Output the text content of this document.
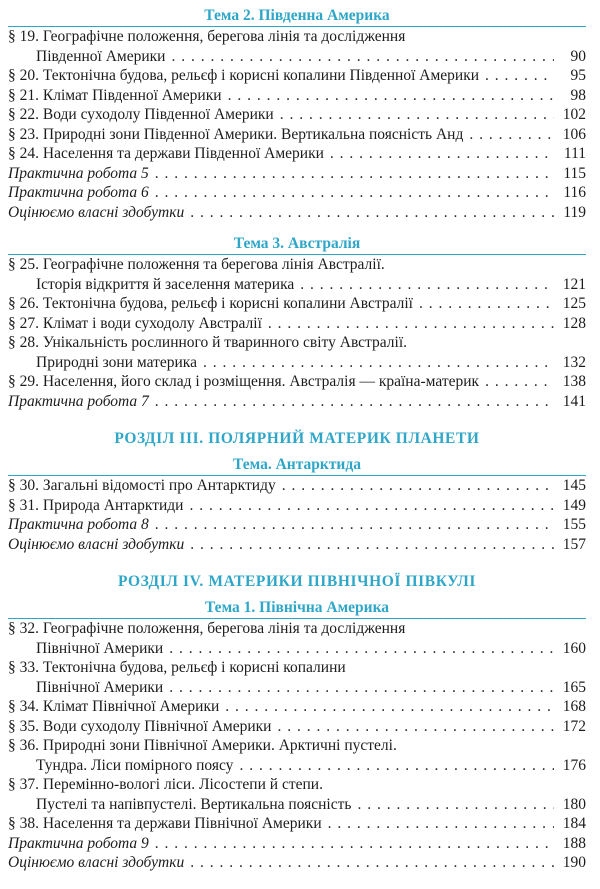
Тема 2. Південна Америка
§ 19. Географічне положення, берегова лінія та дослідження
Південної Америки . . .	90
§ 20. Тектонічна будова, рельєф і корисні копалини Південної Америки . . .	95
§ 21. Клімат Південної Америки . . .	98
§ 22. Води суходолу Південної Америки . . .	102
§ 23. Природні зони Південної Америки. Вертикальна поясність Анд . . .	106
§ 24. Населення та держави Південної Америки . . .	111
Практична робота 5 . . .	115
Практична робота 6 . . .	116
Оцінюємо власні здобутки . . .	119
Тема 3. Австралія
§ 25. Географічне положення та берегова лінія Австралії.
Історія відкриття й заселення материка . . .	121
§ 26. Тектонічна будова, рельєф і корисні копалини Австралії . . .	125
§ 27. Клімат і води суходолу Австралії . . .	128
§ 28. Унікальність рослинного й тваринного світу Австралії.
Природні зони материка . . .	132
§ 29. Населення, його склад і розміщення. Австралія — країна-материк . . .	138
Практична робота 7 . . .	141
РОЗДІЛ ІІІ. ПОЛЯРНИЙ МАТЕРИК ПЛАНЕТИ
Тема. Антарктида
§ 30. Загальні відомості про Антарктиду . . .	145
§ 31. Природа Антарктиди . . .	149
Практична робота 8 . . .	155
Оцінюємо власні здобутки . . .	157
РОЗДІЛ IV. МАТЕРИКИ ПІВНІЧНОЇ ПІВКУЛІ
Тема 1. Північна Америка
§ 32. Географічне положення, берегова лінія та дослідження
Північної Америки . . .	160
§ 33. Тектонічна будова, рельєф і корисні копалини
Північної Америки . . .	165
§ 34. Клімат Північної Америки . . .	168
§ 35. Води суходолу Північної Америки . . .	172
§ 36. Природні зони Північної Америки. Арктичні пустелі.
Тундра. Ліси помірного поясу . . .	176
§ 37. Перемінно-вологі ліси. Лісостепи й степи.
Пустелі та напівпустелі. Вертикальна поясність . . .	180
§ 38. Населення та держави Північної Америки . . .	184
Практична робота 9 . . .	188
Оцінюємо власні здобутки . . .	190
